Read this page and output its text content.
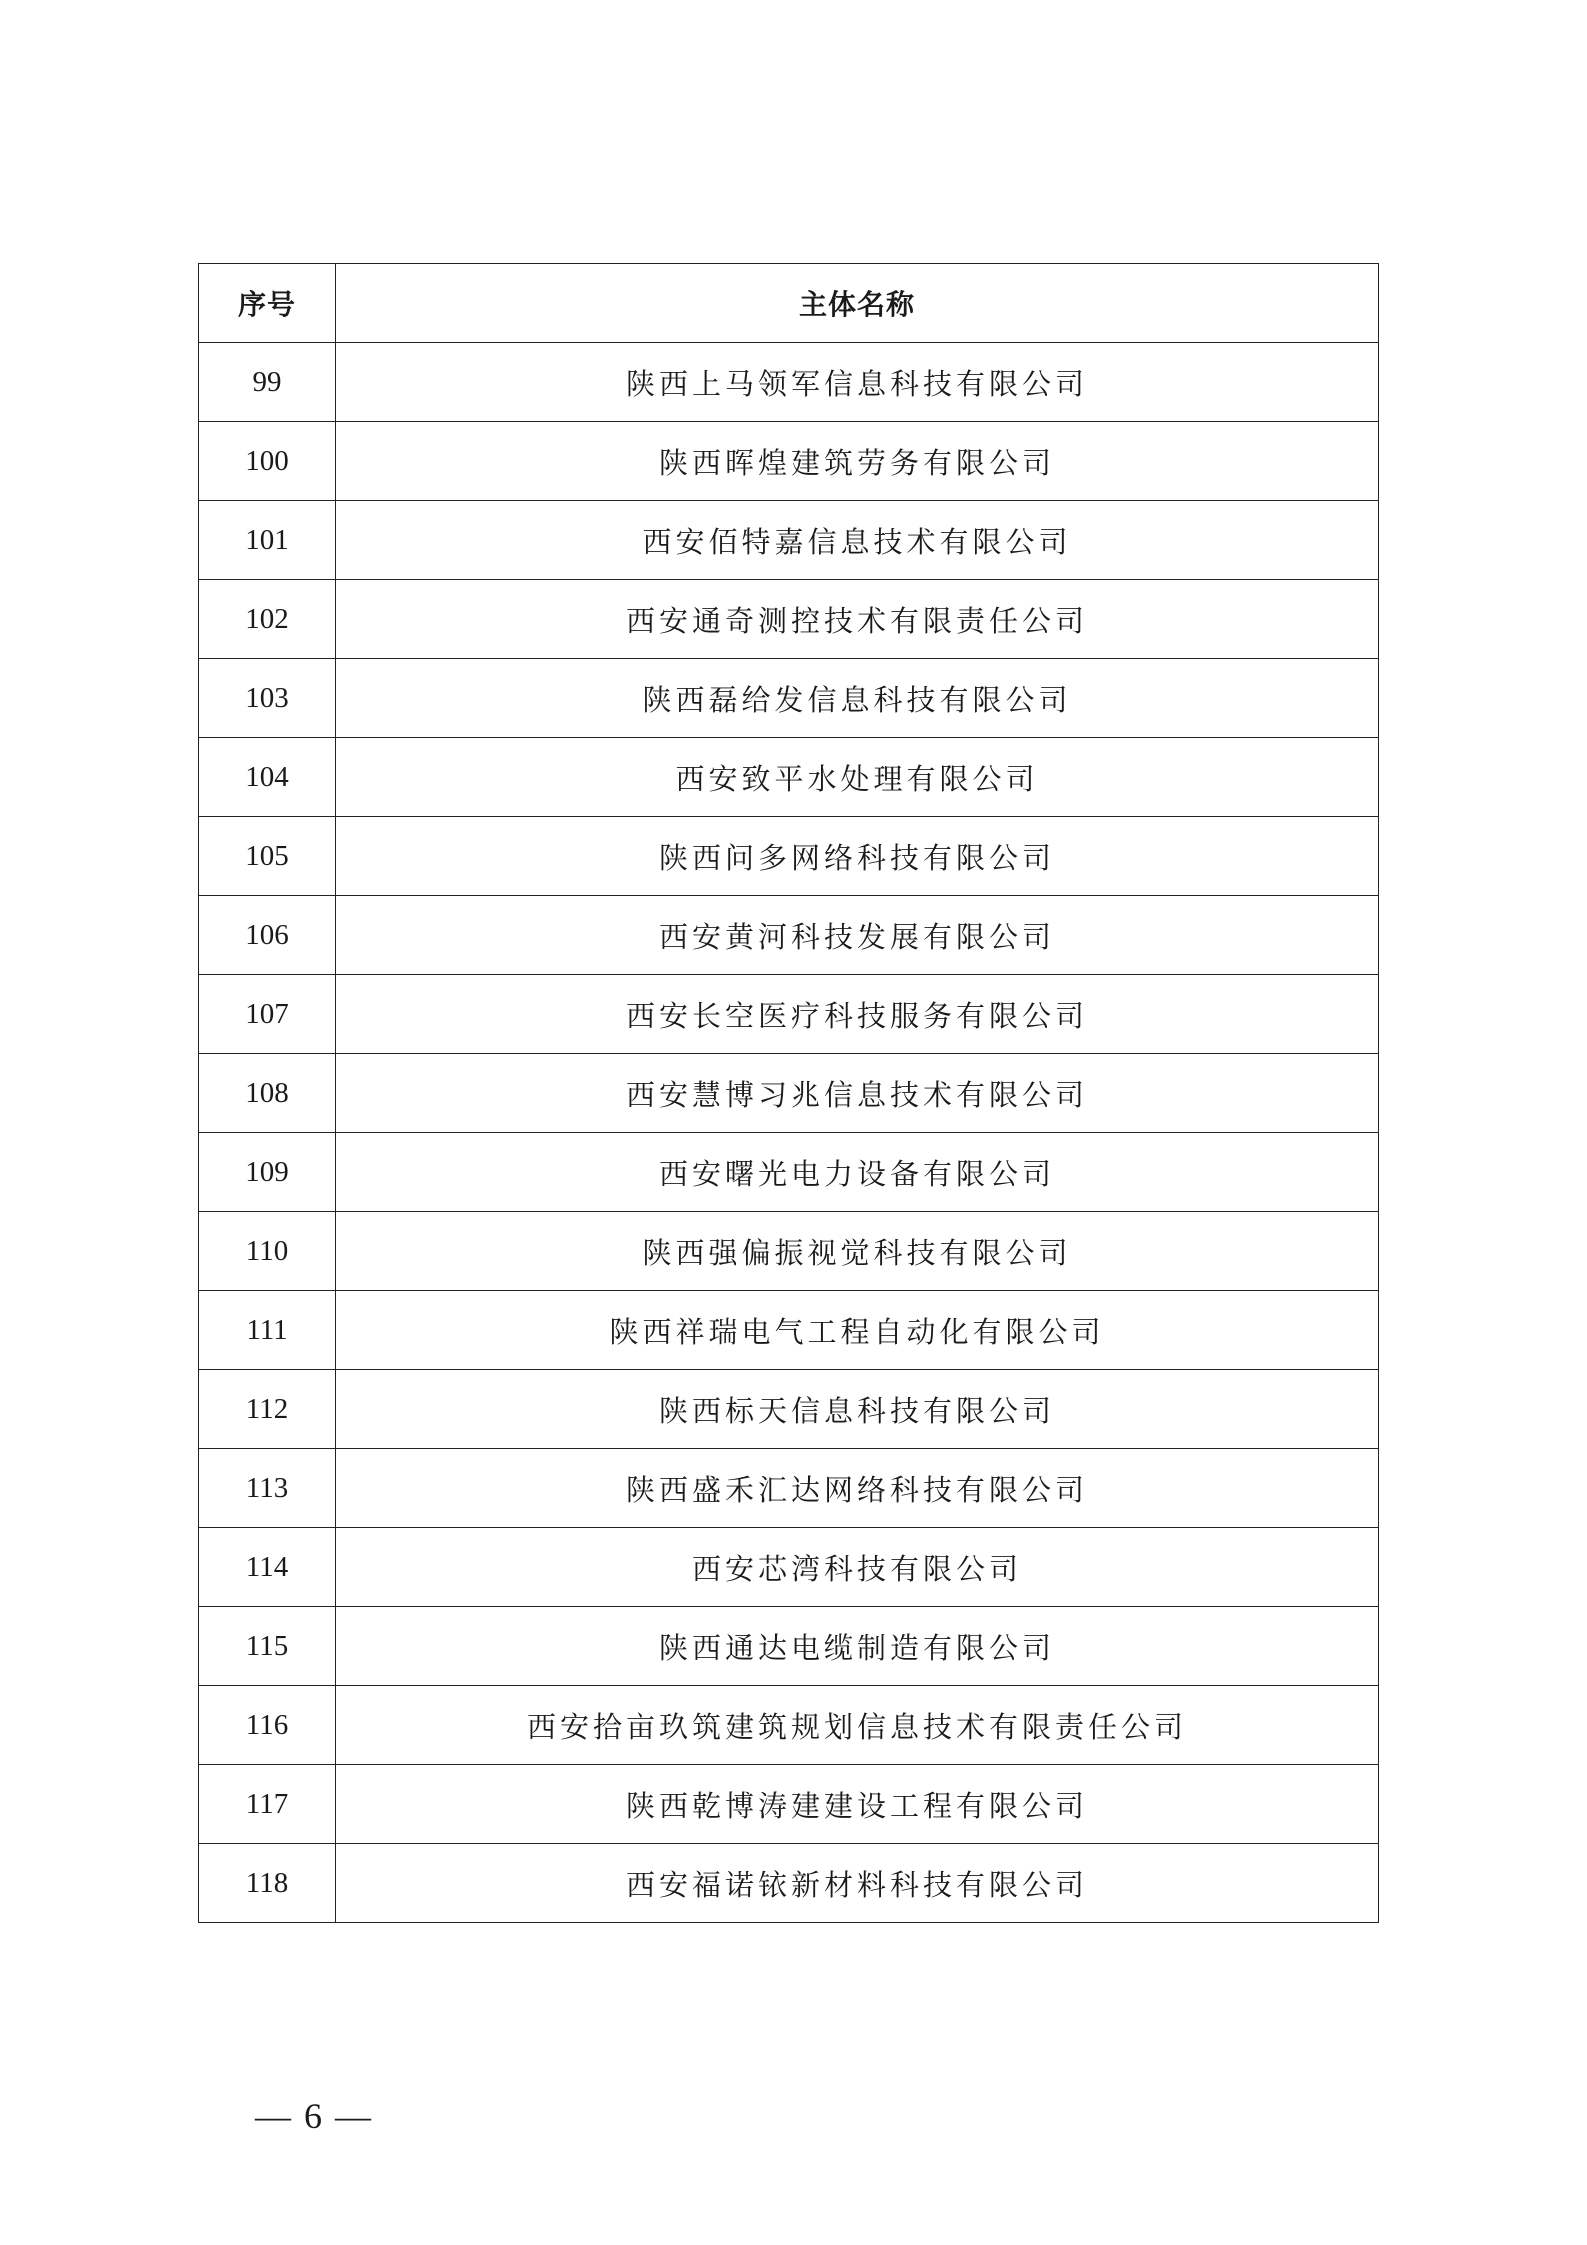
序号	主体名称
99	陕西上马领军信息科技有限公司
100	陕西晖煌建筑劳务有限公司
101	西安佰特嘉信息技术有限公司
102	西安通奇测控技术有限责任公司
103	陕西磊给发信息科技有限公司
104	西安致平水处理有限公司
105	陕西问多网络科技有限公司
106	西安黄河科技发展有限公司
107	西安长空医疗科技服务有限公司
108	西安慧博习兆信息技术有限公司
109	西安曙光电力设备有限公司
110	陕西强偏振视觉科技有限公司
111	陕西祥瑞电气工程自动化有限公司
112	陕西标天信息科技有限公司
113	陕西盛禾汇达网络科技有限公司
114	西安芯湾科技有限公司
115	陕西通达电缆制造有限公司
116	西安拾亩玖筑建筑规划信息技术有限责任公司
117	陕西乾博涛建建设工程有限公司
118	西安福诺铱新材料科技有限公司
— 6 —
